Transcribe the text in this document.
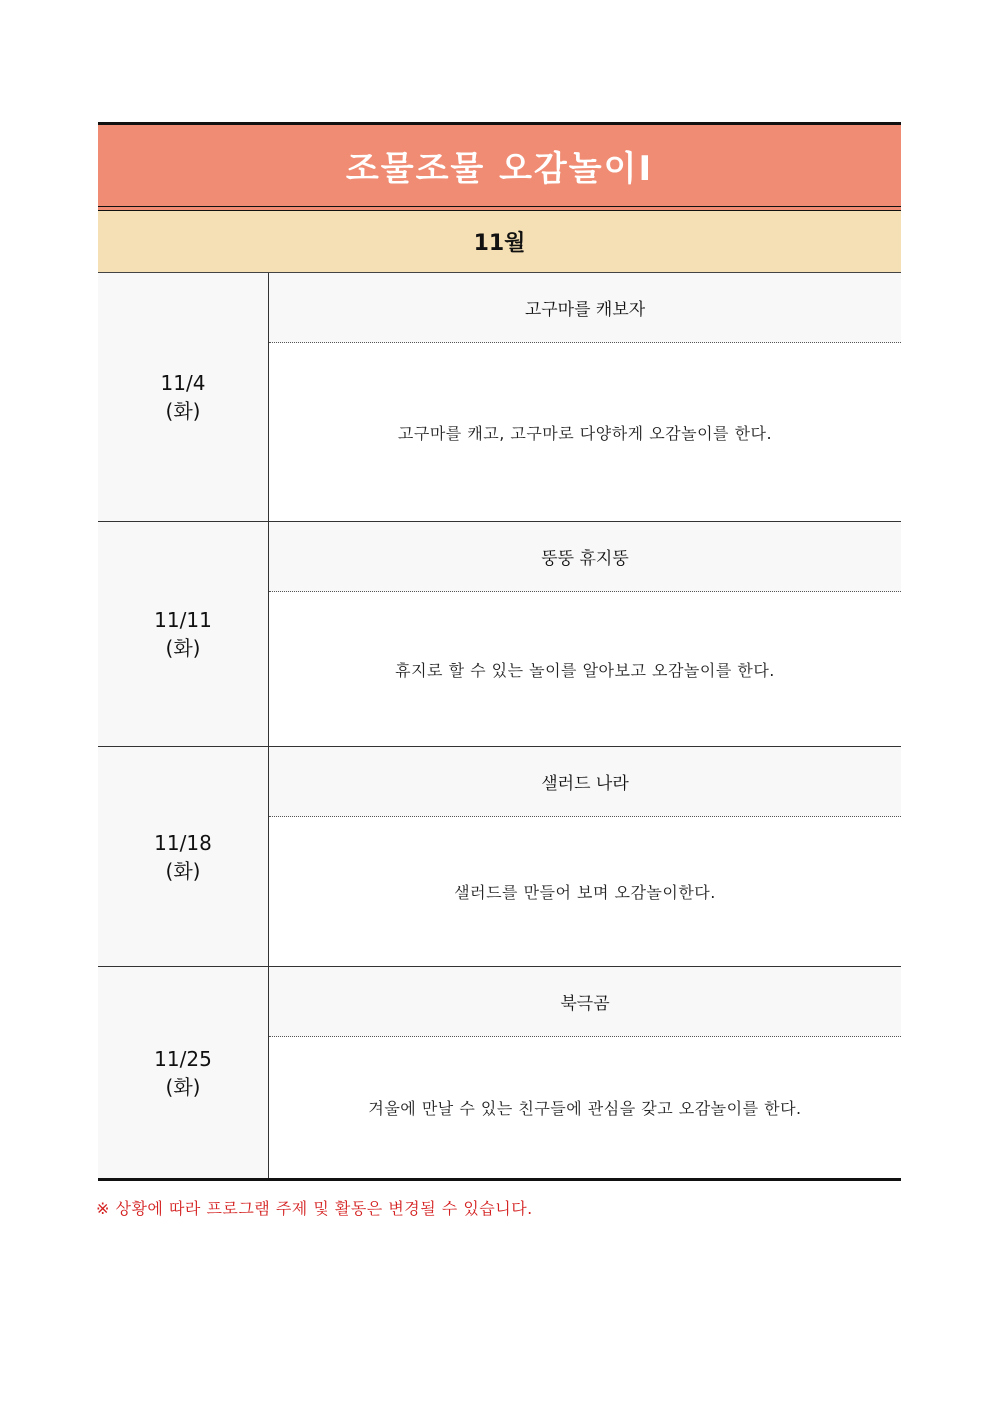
조물조물 오감놀이Ⅰ
11월
11/4
(화)
고구마를 캐보자
고구마를 캐고, 고구마로 다양하게 오감놀이를 한다.
11/11
(화)
뚱뚱 휴지뚱
휴지로 할 수 있는 놀이를 알아보고 오감놀이를 한다.
11/18
(화)
샐러드 나라
샐러드를 만들어 보며 오감놀이한다.
11/25
(화)
북극곰
겨울에 만날 수 있는 친구들에 관심을 갖고 오감놀이를 한다.
※ 상황에 따라 프로그램 주제 및 활동은 변경될 수 있습니다.
